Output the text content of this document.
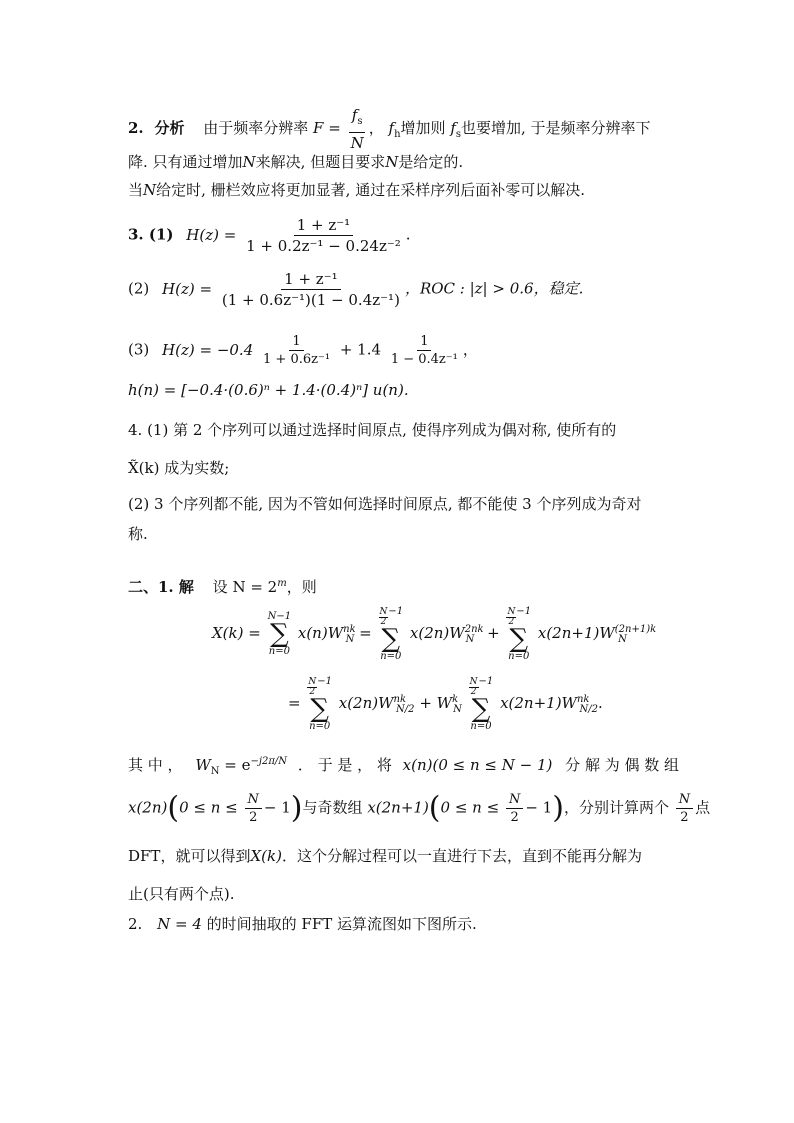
2. 分析 由于频率分辨率 $F = \frac{f_s}{N}$ ， $f_h$增加则 $f_s$也要增加, 于是频率分辨率下
降. 只有通过增加N来解决, 但题目要求N是给定的.
当N给定时, 栅栏效应将更加显著, 通过在采样序列后面补零可以解决.
3. (1) $H(z) = \frac{\text{1 + z⁻¹}}{\text{1 + 0.2z⁻¹ − 0.24z⁻²}}$ .
(2) $H(z) = \frac{\text{1 + z⁻¹}}{\text{(1 + 0.6z⁻¹)(1 − 0.4z⁻¹)}}$ ，ROC : |z| > 0.6，稳定.
(3) $H(z) = -0.4 \frac{1}{\text{1 + 0.6z⁻¹}} + 1.4 \frac{1}{\text{1 − 0.4z⁻¹}}$ ，
h(n) = [−0.4·(0.6)ⁿ + 1.4·(0.4)ⁿ] u(n).
4. (1) 第 2 个序列可以通过选择时间原点, 使得序列成为偶对称, 使所有的
X̃(k) 成为实数;
(2) 3 个序列都不能, 因为不管如何选择时间原点, 都不能使 3 个序列成为奇对
称.
二、1. 解 设 $N = 2^m$，则
X(k) =
N−1
∑
n=0
$x(n)W^{nk}_N$ =
$\frac{N}{2} -1$
∑
n=0
$x(2n)W^{2nk}_N$ +
$\frac{N}{2} -1$
∑
n=0
$x(2n+1)W^{(2n+1)k}_N$
=
$\frac{N}{2} -1$
∑
n=0
$x(2n)W^{nk}_{N/2} + W^k_N$
$\frac{N}{2} -1$
∑
n=0
$x(2n+1)W^{nk}_{N/2}$.
其 中 ， $W_N = e^{-j2\pi/N}$ ． 于 是 ， 将 x(n)(0 ≤ n ≤ N − 1) 分 解 为 偶 数 组
$x(2n)(0 \le n \le \frac{N}{2} - 1)$与奇数组 $x(2n+1)(0 \le n \le \frac{N}{2} - 1)$，分别计算两个 $\frac{N}{2}$ 点
DFT，就可以得到X(k)．这个分解过程可以一直进行下去，直到不能再分解为
止(只有两个点).
2. N = 4 的时间抽取的 FFT 运算流图如下图所示.
